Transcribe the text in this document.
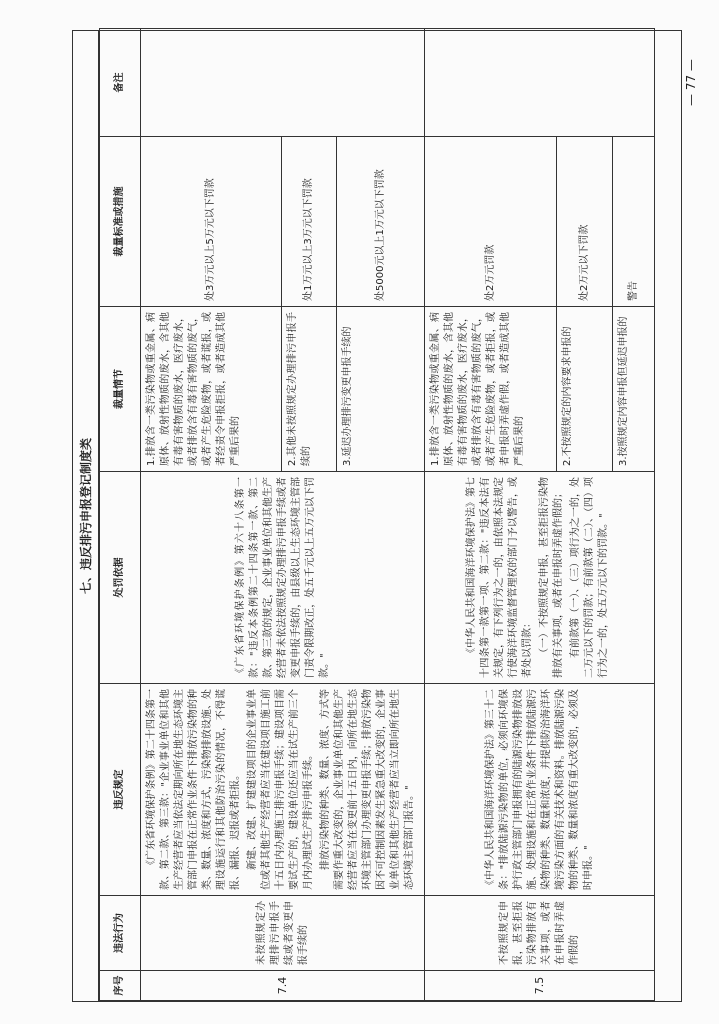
七、违反排污申报登记制度类
序号	违法行为	违反规定	处罚依据	裁量情节	裁量标准或措施	备注
7.4	未按照规定办理排污申报手续或者变更申报手续的	《广东省环境保护条例》第二十四条第一款、第二款、第三款："企业事业单位和其他生产经营者应当依法定期向所在地生态环境主管部门申报在正常作业条件下排放污染物的种类、数量、浓度和方式，污染物排放设施、处理设施运行和其他防治污染的情况，不得谎报、漏报、迟报或者拒报。 新建、改建、扩建建设项目的企业事业单位或者其他生产经营者应当在建设项目施工前十五日内办理施工排污申报手续；建设项目需要试生产的，建设单位还应当在试生产前三个月内办理试生产排污申报手续。 排放污染物的种类、数量、浓度、方式等需要作重大改变的，企业事业单位和其他生产经营者应当在变更前十五日内，向所在地生态环境主管部门办理变更申报手续；排放污染物因不可控制因素发生紧急重大改变的，企业事业单位和其他生产经营者应当立即向所在地生态环境主管部门报告。"	《广东省环境保护条例》第六十八条第一款："违反本条例第二十四条第一款、第二款、第三款的规定，企业事业单位和其他生产经营者未依法按照规定办理排污申报手续或者变更申报手续的，由县级以上生态环境主管部门责令限期改正，处五千元以上五万元以下罚款。"	1.排放含一类污染物或重金属、病原体、放射性物质的废水，含其他有毒有害物质的废水，医疗废水，或者排放含有毒有害物质的废气，或者产生危险废物，或者谎报，或者经责令申报拒报，或者造成其他严重后果的	处3万元以上5万元以下罚款	
				2.其他未按照规定办理排污申报手续的	处1万元以上3万元以下罚款	
				3.延迟办理排污变更申报手续的	处5000元以上1万元以下罚款	
7.5	不按照规定申报，甚至拒报污染物排放有关事项，或者在申报时弄虚作假的	《中华人民共和国海洋环境保护法》第三十二条："排放陆源污染物的单位，必须向环境保护行政主管部门申报拥有的陆源污染物排放设施、处理设施和在正常作业条件下排放陆源污染物的种类、数量和浓度，并提供防治海洋环境污染方面的有关技术和资料。排放陆源污染物的种类、数量和浓度有重大改变的，必须及时申报。"	《中华人民共和国海洋环境保护法》第七十四条第一款第一项、第二款："违反本法有关规定，有下列行为之一的，由依照本法规定行使海洋环境监督管理权的部门予以警告，或者处以罚款： （一）不按照规定申报，甚至拒报污染物排放有关事项，或者在申报时弄虚作假的； 有前款第（一）、（三）项行为之一的，处二万元以下的罚款；有前款第（二）、（四）项行为之一的，处五万元以下的罚款。"	1.排放含一类污染物或重金属、病原体、放射性物质的废水，含其他有毒有害物质的废水，医疗废水，或者排放含有毒有害物质的废气，或者产生危险废物，或者拒报，或者申报时弄虚作假，或者造成其他严重后果的	处2万元罚款	
				2.不按照规定的内容要求申报的	处2万元以下罚款	
				3.按照规定内容申报但延迟申报的	警告	
— 77 —
